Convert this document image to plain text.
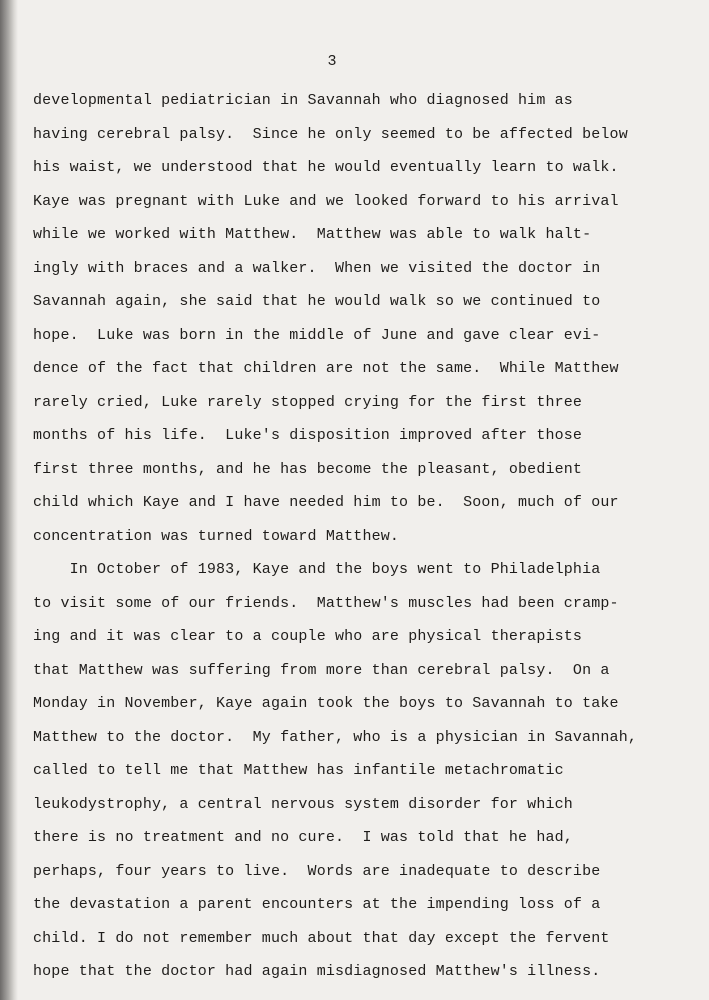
3
developmental pediatrician in Savannah who diagnosed him as
having cerebral palsy.  Since he only seemed to be affected below
his waist, we understood that he would eventually learn to walk.
Kaye was pregnant with Luke and we looked forward to his arrival
while we worked with Matthew.  Matthew was able to walk halt-
ingly with braces and a walker.  When we visited the doctor in
Savannah again, she said that he would walk so we continued to
hope.  Luke was born in the middle of June and gave clear evi-
dence of the fact that children are not the same.  While Matthew
rarely cried, Luke rarely stopped crying for the first three
months of his life.  Luke's disposition improved after those
first three months, and he has become the pleasant, obedient
child which Kaye and I have needed him to be.  Soon, much of our
concentration was turned toward Matthew.
In October of 1983, Kaye and the boys went to Philadelphia
to visit some of our friends.  Matthew's muscles had been cramp-
ing and it was clear to a couple who are physical therapists
that Matthew was suffering from more than cerebral palsy.  On a
Monday in November, Kaye again took the boys to Savannah to take
Matthew to the doctor.  My father, who is a physician in Savannah,
called to tell me that Matthew has infantile metachromatic
leukodystrophy, a central nervous system disorder for which
there is no treatment and no cure.  I was told that he had,
perhaps, four years to live.  Words are inadequate to describe
the devastation a parent encounters at the impending loss of a
child. I do not remember much about that day except the fervent
hope that the doctor had again misdiagnosed Matthew's illness.
